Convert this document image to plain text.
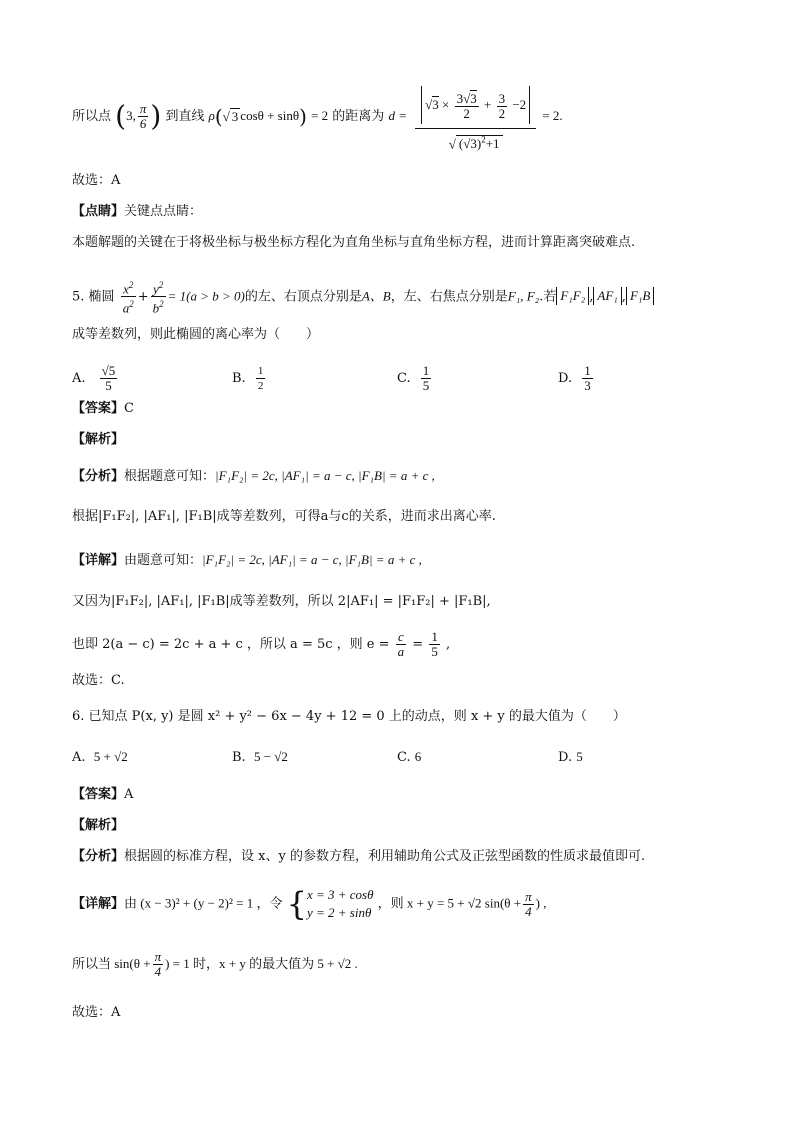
所以点 (3, $\frac{\pi}{6}$ ) 到直线 ρ(√ 3 cosθ + sinθ) = 2 的距离为 d =
$√3 \times \frac{3√3}{2} + \frac{3}{2} -2$
√ $(√3)^2+1$
= 2.
故选：A
【点睛】关键点点睛：
本题解题的关键在于将极坐标与极坐标方程化为直角坐标与直角坐标方程，进而计算距离突破难点.
5. 椭圆 $\frac{x^2}{a^2} + \frac{y^2}{b^2} = 1(a > b > 0)$的左、右顶点分别是A、B，左、右焦点分别是F₁, F₂.若 F₁F₂ , AF₁ , F₁B
成等差数列，则此椭圆的离心率为（　　）
A. $\frac{√5}{5}$	B. $\frac{1}{2}$	C. $\frac{1}{5}$	D. $\frac{1}{3}$
【答案】C
【解析】
【分析】根据题意可知：|F₁F₂| = 2c, |AF₁| = a − c, |F₁B| = a + c ,
根据|F₁F₂|, |AF₁|, |F₁B|成等差数列，可得a与c的关系，进而求出离心率.
【详解】由题意可知：|F₁F₂| = 2c, |AF₁| = a − c, |F₁B| = a + c ,
又因为|F₁F₂|, |AF₁|, |F₁B|成等差数列，所以 2|AF₁| = |F₁F₂| + |F₁B|,
也即 2(a − c) = 2c + a + c ，所以 a = 5c ，则 $e = \frac{c}{a} = \frac{1}{5}$ ,
故选：C.
6. 已知点 P(x, y) 是圆 x² + y² − 6x − 4y + 12 = 0 上的动点，则 x + y 的最大值为（　　）
A. 5 + √2	B. 5 − √2	C. 6	D. 5
【答案】A
【解析】
【分析】根据圆的标准方程，设 x、y 的参数方程，利用辅助角公式及正弦型函数的性质求最值即可.
【详解】由 (x − 3)² + (y − 2)² = 1 ，令 { x = 3 + cosθ
y = 2 + sinθ
，则 x + y = 5 + √2 $\sin(\theta + \frac{\pi}{4}$ ) ,
所以当 $\sin(\theta + \frac{\pi}{4}$ ) = 1 时，x + y 的最大值为 5 + √2 .
故选：A
